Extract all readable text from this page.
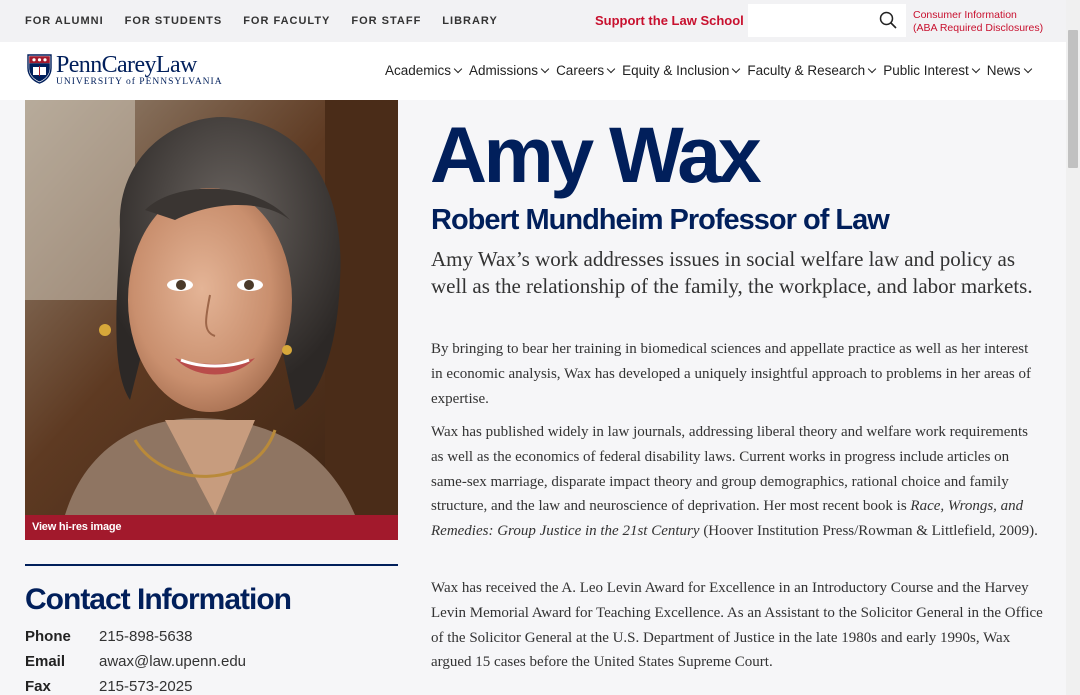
FOR ALUMNI FOR STUDENTS FOR FACULTY FOR STAFF LIBRARY	Support the Law School	Consumer Information
(ABA Required Disclosures)
PennCareyLaw
UNIVERSITY of PENNSYLVANIA
Academics Admissions Careers Equity & Inclusion Faculty & Research Public Interest News
View hi-res image
Contact Information
Phone	215-898-5638
Email	awax@law.upenn.edu
Fax	215-573-2025
Amy Wax
Robert Mundheim Professor of Law
Amy Wax’s work addresses issues in social welfare law and policy as well as the relationship of the family, the workplace, and labor markets.
By bringing to bear her training in biomedical sciences and appellate practice as well as her interest in economic analysis, Wax has developed a uniquely insightful approach to problems in her areas of expertise.
Wax has published widely in law journals, addressing liberal theory and welfare work requirements as well as the economics of federal disability laws. Current works in progress include articles on same-sex marriage, disparate impact theory and group demographics, rational choice and family structure, and the law and neuroscience of deprivation. Her most recent book is Race, Wrongs, and Remedies: Group Justice in the 21st Century (Hoover Institution Press/Rowman & Littlefield, 2009).
Wax has received the A. Leo Levin Award for Excellence in an Introductory Course and the Harvey Levin Memorial Award for Teaching Excellence. As an Assistant to the Solicitor General in the Office of the Solicitor General at the U.S. Department of Justice in the late 1980s and early 1990s, Wax argued 15 cases before the United States Supreme Court.
